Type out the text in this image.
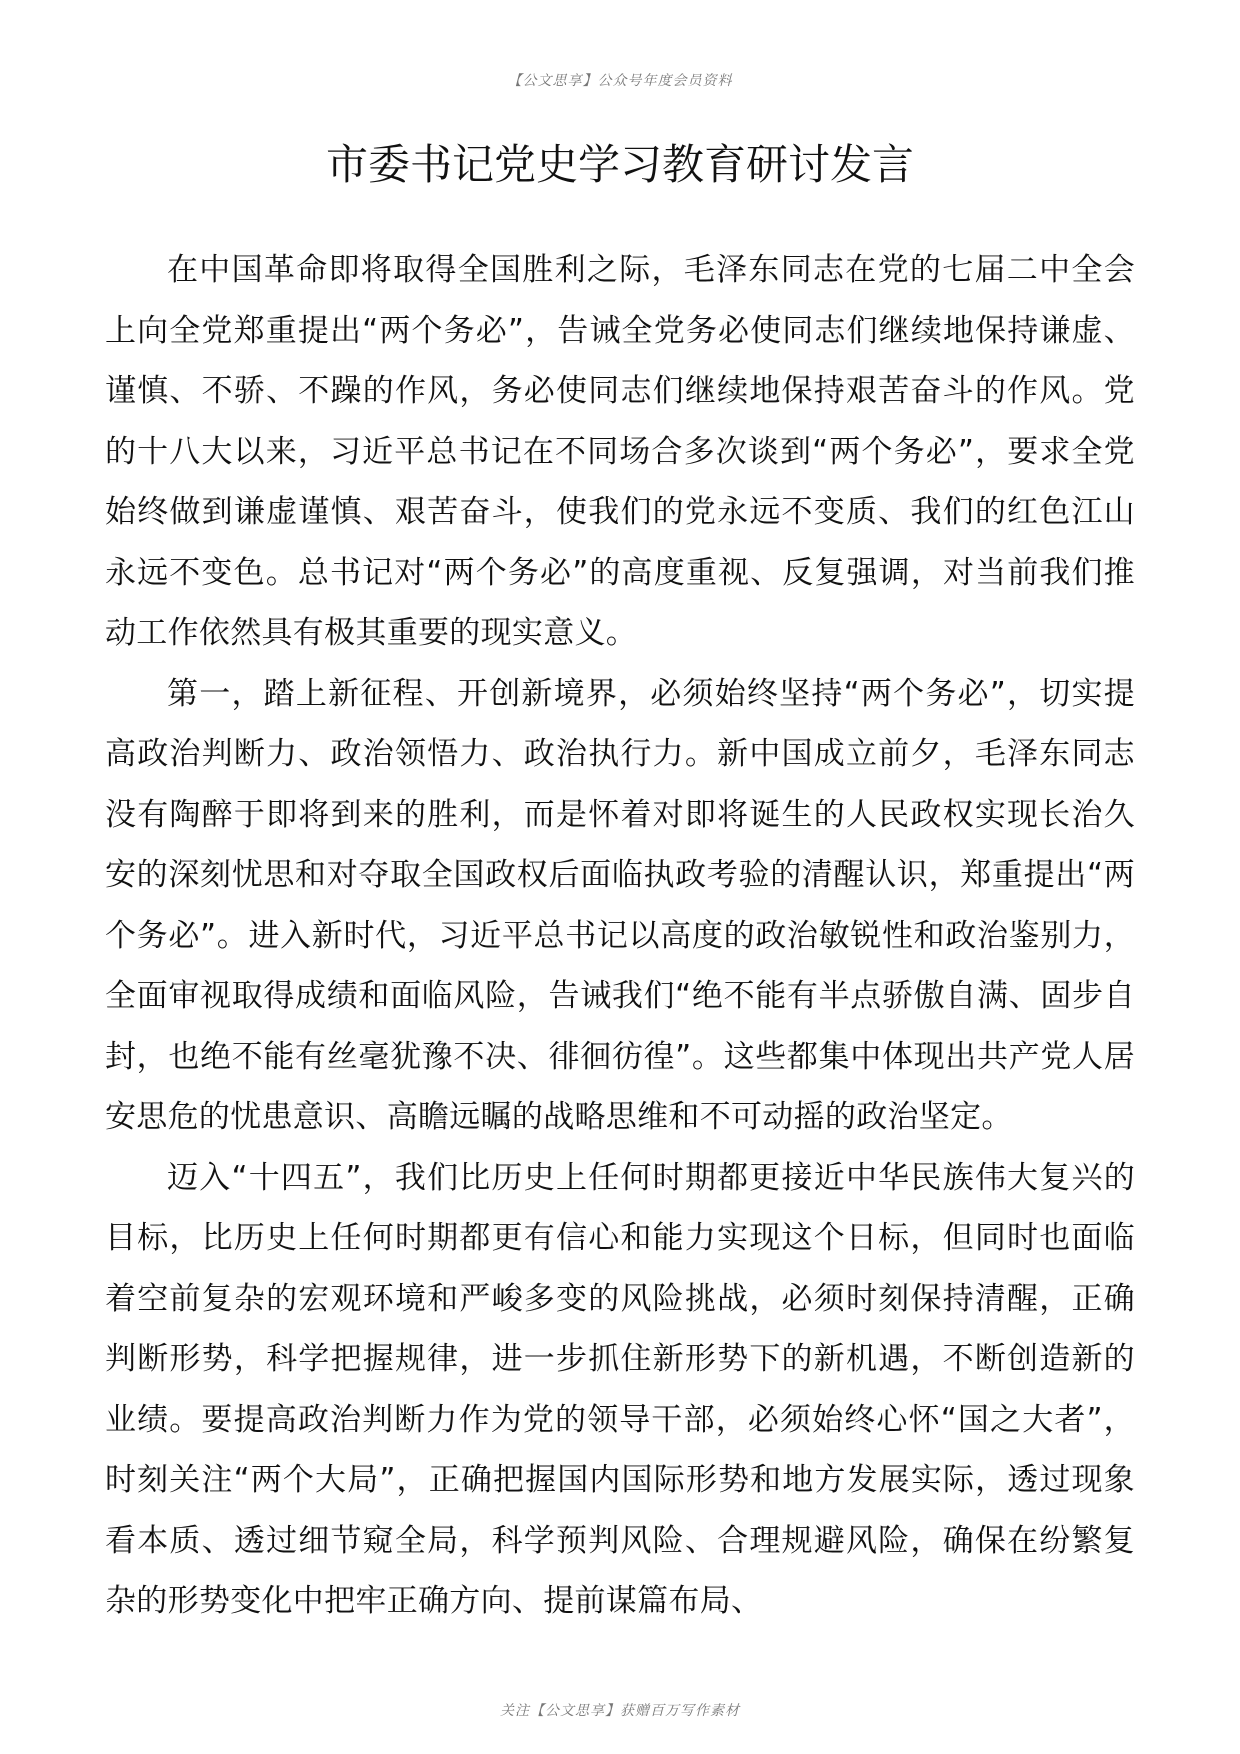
【公文思享】公众号年度会员资料
市委书记党史学习教育研讨发言

在中国革命即将取得全国胜利之际，毛泽东同志在党的七届二中全会上向全党郑重提出“两个务必”，告诫全党务必使同志们继续地保持谦虚、谨慎、不骄、不躁的作风，务必使同志们继续地保持艰苦奋斗的作风。党的十八大以来，习近平总书记在不同场合多次谈到“两个务必”，要求全党始终做到谦虚谨慎、艰苦奋斗，使我们的党永远不变质、我们的红色江山永远不变色。总书记对“两个务必”的高度重视、反复强调，对当前我们推动工作依然具有极其重要的现实意义。

第一，踏上新征程、开创新境界，必须始终坚持“两个务必”，切实提高政治判断力、政治领悟力、政治执行力。新中国成立前夕，毛泽东同志没有陶醉于即将到来的胜利，而是怀着对即将诞生的人民政权实现长治久安的深刻忧思和对夺取全国政权后面临执政考验的清醒认识，郑重提出“两个务必”。进入新时代，习近平总书记以高度的政治敏锐性和政治鉴别力，全面审视取得成绩和面临风险，告诫我们“绝不能有半点骄傲自满、固步自封，也绝不能有丝毫犹豫不决、徘徊彷徨”。这些都集中体现出共产党人居安思危的忧患意识、高瞻远瞩的战略思维和不可动摇的政治坚定。

迈入“十四五”，我们比历史上任何时期都更接近中华民族伟大复兴的目标，比历史上任何时期都更有信心和能力实现这个日标，但同时也面临着空前复杂的宏观环境和严峻多变的风险挑战，必须时刻保持清醒，正确判断形势，科学把握规律，进一步抓住新形势下的新机遇，不断创造新的业绩。要提高政治判断力作为党的领导干部，必须始终心怀“国之大者”，时刻关注“两个大局”，正确把握国内国际形势和地方发展实际，透过现象看本质、透过细节窥全局，科学预判风险、合理规避风险，确保在纷繁复杂的形势变化中把牢正确方向、提前谋篇布局、

关注【公文思享】获赠百万写作素材
